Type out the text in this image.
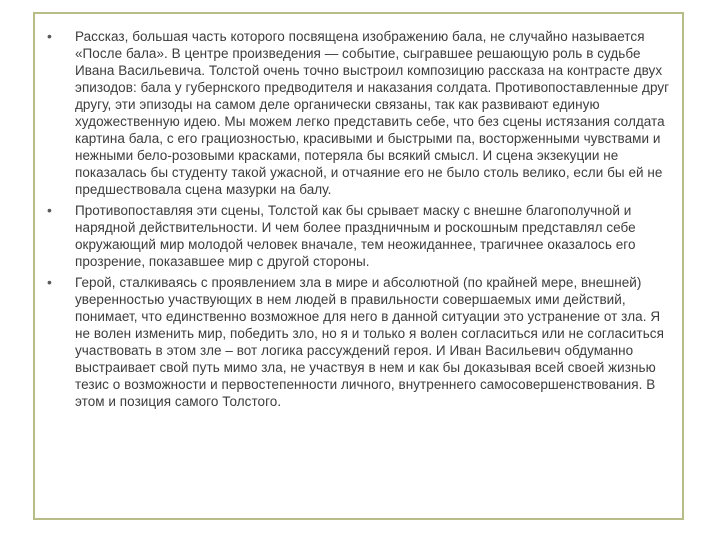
• Рассказ, большая часть которого посвящена изображению бала, не случайно называется «После бала». В центре произведения — событие, сыгравшее решающую роль в судьбе Ивана Васильевича. Толстой очень точно выстроил композицию рассказа на контрасте двух эпизодов: бала у губернского предводителя и наказания солдата. Противопоставленные друг другу, эти эпизоды на самом деле органически связаны, так как развивают единую художественную идею. Мы можем легко представить себе, что без сцены истязания солдата картина бала, с его грациозностью, красивыми и быстрыми па, восторженными чувствами и нежными бело-розовыми красками, потеряла бы всякий смысл. И сцена экзекуции не показалась бы студенту такой ужасной, и отчаяние его не было столь велико, если бы ей не предшествовала сцена мазурки на балу.
• Противопоставляя эти сцены, Толстой как бы срывает маску с внешне благополучной и нарядной действительности. И чем более праздничным и роскошным представлял себе окружающий мир молодой человек вначале, тем неожиданнее, трагичнее оказалось его прозрение, показавшее мир с другой стороны.
• Герой, сталкиваясь с проявлением зла в мире и абсолютной (по крайней мере, внешней) уверенностью участвующих в нем людей в правильности совершаемых ими действий, понимает, что единственно возможное для него в данной ситуации это устранение от зла. Я не волен изменить мир, победить зло, но я и только я волен согласиться или не согласиться участвовать в этом зле – вот логика рассуждений героя. И Иван Васильевич обдуманно выстраивает свой путь мимо зла, не участвуя в нем и как бы доказывая всей своей жизнью тезис о возможности и первостепенности личного, внутреннего самосовершенствования. В этом и позиция самого Толстого.
